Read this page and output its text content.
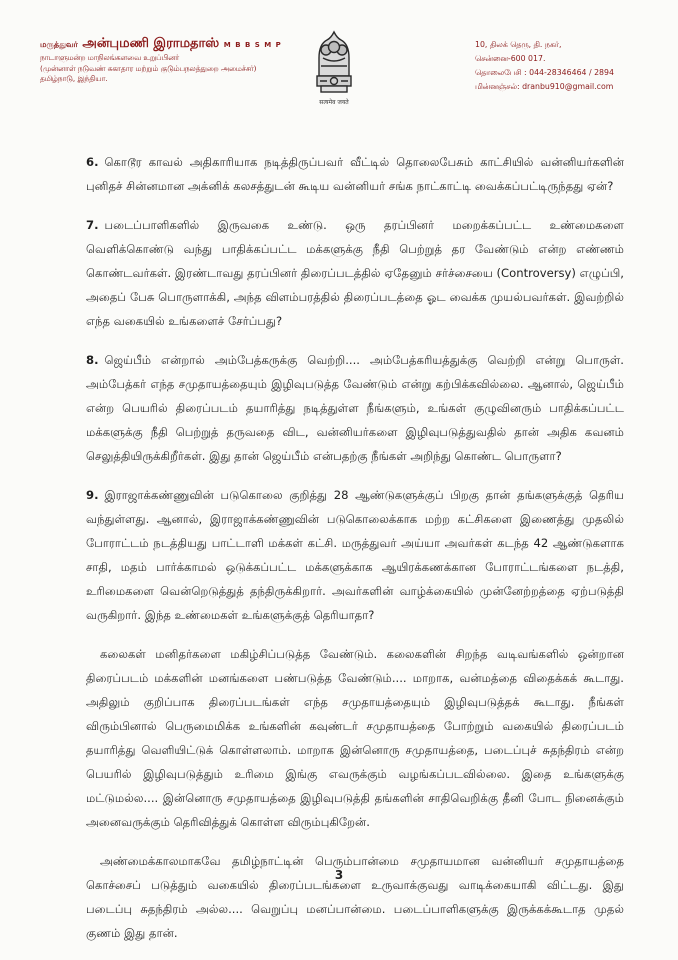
மருத்துவர் அன்புமணி இராமதாஸ் M B B S M P
நாடாளுமன்ற மாநிலங்களவை உறுப்பினர்
(முன்னாள் நடுவண் சுகாதார மற்றும் குடும்பநலத்துறை அமைச்சர்)
தமிழ்நாடு, இந்தியா.
सत्यमेव जयते
10, திலக் தெரு, தி. நகர்,
சென்னை-600 017.
தொலைபேசி : 044-28346464 / 2894
மின்னஞ்சல்: dranbu910@gmail.com

6. கொடூர காவல் அதிகாரியாக நடித்திருப்பவர் வீட்டில் தொலைபேசும் காட்சியில் வன்னியர்களின் புனிதச் சின்னமான அக்னிக் கலசத்துடன் கூடிய வன்னியர் சங்க நாட்காட்டி வைக்கப்பட்டிருந்தது ஏன்?

7. படைப்பாளிகளில் இருவகை உண்டு. ஒரு தரப்பினர் மறைக்கப்பட்ட உண்மைகளை வெளிக்கொண்டு வந்து பாதிக்கப்பட்ட மக்களுக்கு நீதி பெற்றுத் தர வேண்டும் என்ற எண்ணம் கொண்டவர்கள். இரண்டாவது தரப்பினர் திரைப்படத்தில் ஏதேனும் சர்ச்சையை (Controversy) எழுப்பி, அதைப் பேசு பொருளாக்கி, அந்த விளம்பரத்தில் திரைப்படத்தை ஓட வைக்க முயல்பவர்கள். இவற்றில் எந்த வகையில் உங்களைச் சேர்ப்பது?

8. ஜெய்பீம் என்றால் அம்பேத்கருக்கு வெற்றி.... அம்பேத்கரியத்துக்கு வெற்றி என்று பொருள். அம்பேத்கர் எந்த சமுதாயத்தையும் இழிவுபடுத்த வேண்டும் என்று கற்பிக்கவில்லை. ஆனால், ஜெய்பீம் என்ற பெயரில் திரைப்படம் தயாரித்து நடித்துள்ள நீங்களும், உங்கள் குழுவினரும் பாதிக்கப்பட்ட மக்களுக்கு நீதி பெற்றுத் தருவதை விட, வன்னியர்களை இழிவுபடுத்துவதில் தான் அதிக கவனம் செலுத்தியிருக்கிறீர்கள். இது தான் ஜெய்பீம் என்பதற்கு நீங்கள் அறிந்து கொண்ட பொருளா?

9. இராஜாக்கண்ணுவின் படுகொலை குறித்து 28 ஆண்டுகளுக்குப் பிறகு தான் தங்களுக்குத் தெரிய வந்துள்ளது. ஆனால், இராஜாக்கண்ணுவின் படுகொலைக்காக மற்ற கட்சிகளை இணைத்து முதலில் போராட்டம் நடத்தியது பாட்டாளி மக்கள் கட்சி. மருத்துவர் அய்யா அவர்கள் கடந்த 42 ஆண்டுகளாக சாதி, மதம் பார்க்காமல் ஒடுக்கப்பட்ட மக்களுக்காக ஆயிரக்கணக்கான போராட்டங்களை நடத்தி, உரிமைகளை வென்றெடுத்துத் தந்திருக்கிறார். அவர்களின் வாழ்க்கையில் முன்னேற்றத்தை ஏற்படுத்தி வருகிறார். இந்த உண்மைகள் உங்களுக்குத் தெரியாதா?

கலைகள் மனிதர்களை மகிழ்சிப்படுத்த வேண்டும். கலைகளின் சிறந்த வடிவங்களில் ஒன்றான திரைப்படம் மக்களின் மனங்களை பண்படுத்த வேண்டும்.... மாறாக, வன்மத்தை விதைக்கக் கூடாது. அதிலும் குறிப்பாக திரைப்படங்கள் எந்த சமுதாயத்தையும் இழிவுபடுத்தக் கூடாது. நீங்கள் விரும்பினால் பெருமைமிக்க உங்களின் கவுண்டர் சமுதாயத்தை போற்றும் வகையில் திரைப்படம் தயாரித்து வெளியிட்டுக் கொள்ளலாம். மாறாக இன்னொரு சமுதாயத்தை, படைப்புச் சுதந்திரம் என்ற பெயரில் இழிவுபடுத்தும் உரிமை இங்கு எவருக்கும் வழங்கப்படவில்லை. இதை உங்களுக்கு மட்டுமல்ல.... இன்னொரு சமுதாயத்தை இழிவுபடுத்தி தங்களின் சாதிவெறிக்கு தீனி போட நினைக்கும் அனைவருக்கும் தெரிவித்துக் கொள்ள விரும்புகிறேன்.

அண்மைக்காலமாகவே தமிழ்நாட்டின் பெரும்பான்மை சமுதாயமான வன்னியர் சமுதாயத்தை கொச்சைப் படுத்தும் வகையில் திரைப்படங்களை உருவாக்குவது வாடிக்கையாகி விட்டது. இது படைப்பு சுதந்திரம் அல்ல.... வெறுப்பு மனப்பான்மை. படைப்பாளிகளுக்கு இருக்கக்கூடாத முதல் குணம் இது தான்.

3
